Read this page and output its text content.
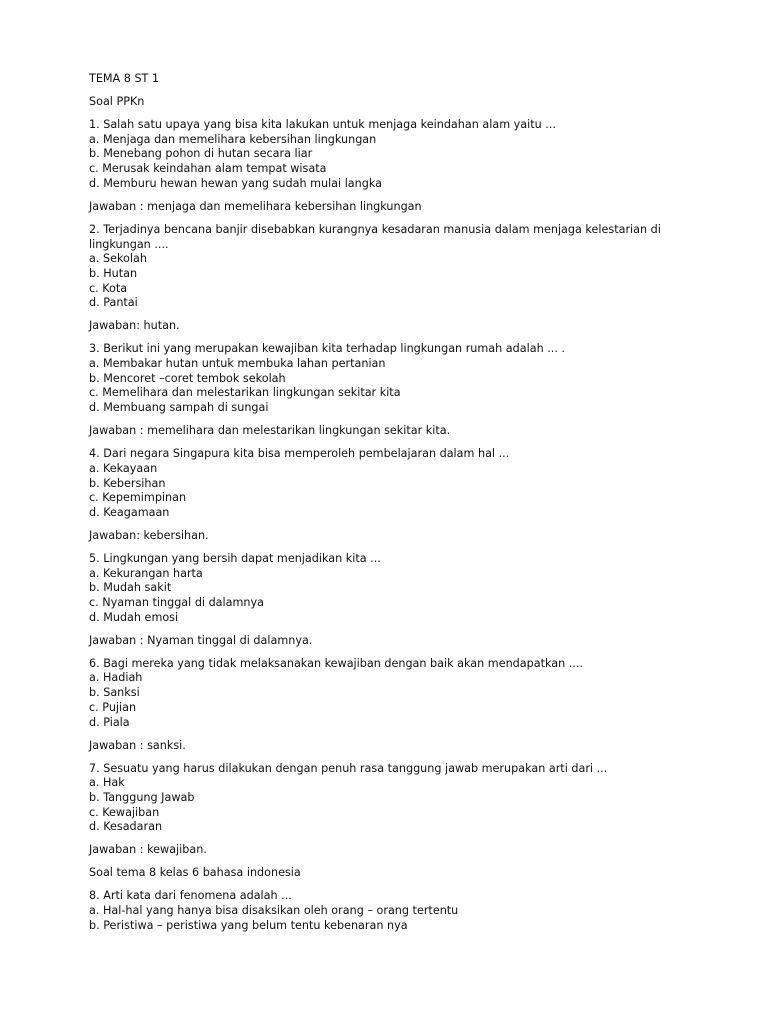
TEMA 8 ST 1
Soal PPKn
1. Salah satu upaya yang bisa kita lakukan untuk menjaga keindahan alam yaitu ...
a. Menjaga dan memelihara kebersihan lingkungan
b. Menebang pohon di hutan secara liar
c. Merusak keindahan alam tempat wisata
d. Memburu hewan hewan yang sudah mulai langka
Jawaban : menjaga dan memelihara kebersihan lingkungan
2. Terjadinya bencana banjir disebabkan kurangnya kesadaran manusia dalam menjaga kelestarian di lingkungan ....
a. Sekolah
b. Hutan
c. Kota
d. Pantai
Jawaban: hutan.
3. Berikut ini yang merupakan kewajiban kita terhadap lingkungan rumah adalah ... .
a. Membakar hutan untuk membuka lahan pertanian
b. Mencoret –coret tembok sekolah
c. Memelihara dan melestarikan lingkungan sekitar kita
d. Membuang sampah di sungai
Jawaban : memelihara dan melestarikan lingkungan sekitar kita.
4. Dari negara Singapura kita bisa memperoleh pembelajaran dalam hal ...
a. Kekayaan
b. Kebersihan
c. Kepemimpinan
d. Keagamaan
Jawaban: kebersihan.
5. Lingkungan yang bersih dapat menjadikan kita ...
a. Kekurangan harta
b. Mudah sakit
c. Nyaman tinggal di dalamnya
d. Mudah emosi
Jawaban : Nyaman tinggal di dalamnya.
6. Bagi mereka yang tidak melaksanakan kewajiban dengan baik akan mendapatkan ....
a. Hadiah
b. Sanksi
c. Pujian
d. Piala
Jawaban : sanksi.
7. Sesuatu yang harus dilakukan dengan penuh rasa tanggung jawab merupakan arti dari ...
a. Hak
b. Tanggung Jawab
c. Kewajiban
d. Kesadaran
Jawaban : kewajiban.
Soal tema 8 kelas 6 bahasa indonesia
8. Arti kata dari fenomena adalah ...
a. Hal-hal yang hanya bisa disaksikan oleh orang – orang tertentu
b. Peristiwa – peristiwa yang belum tentu kebenaran nya
